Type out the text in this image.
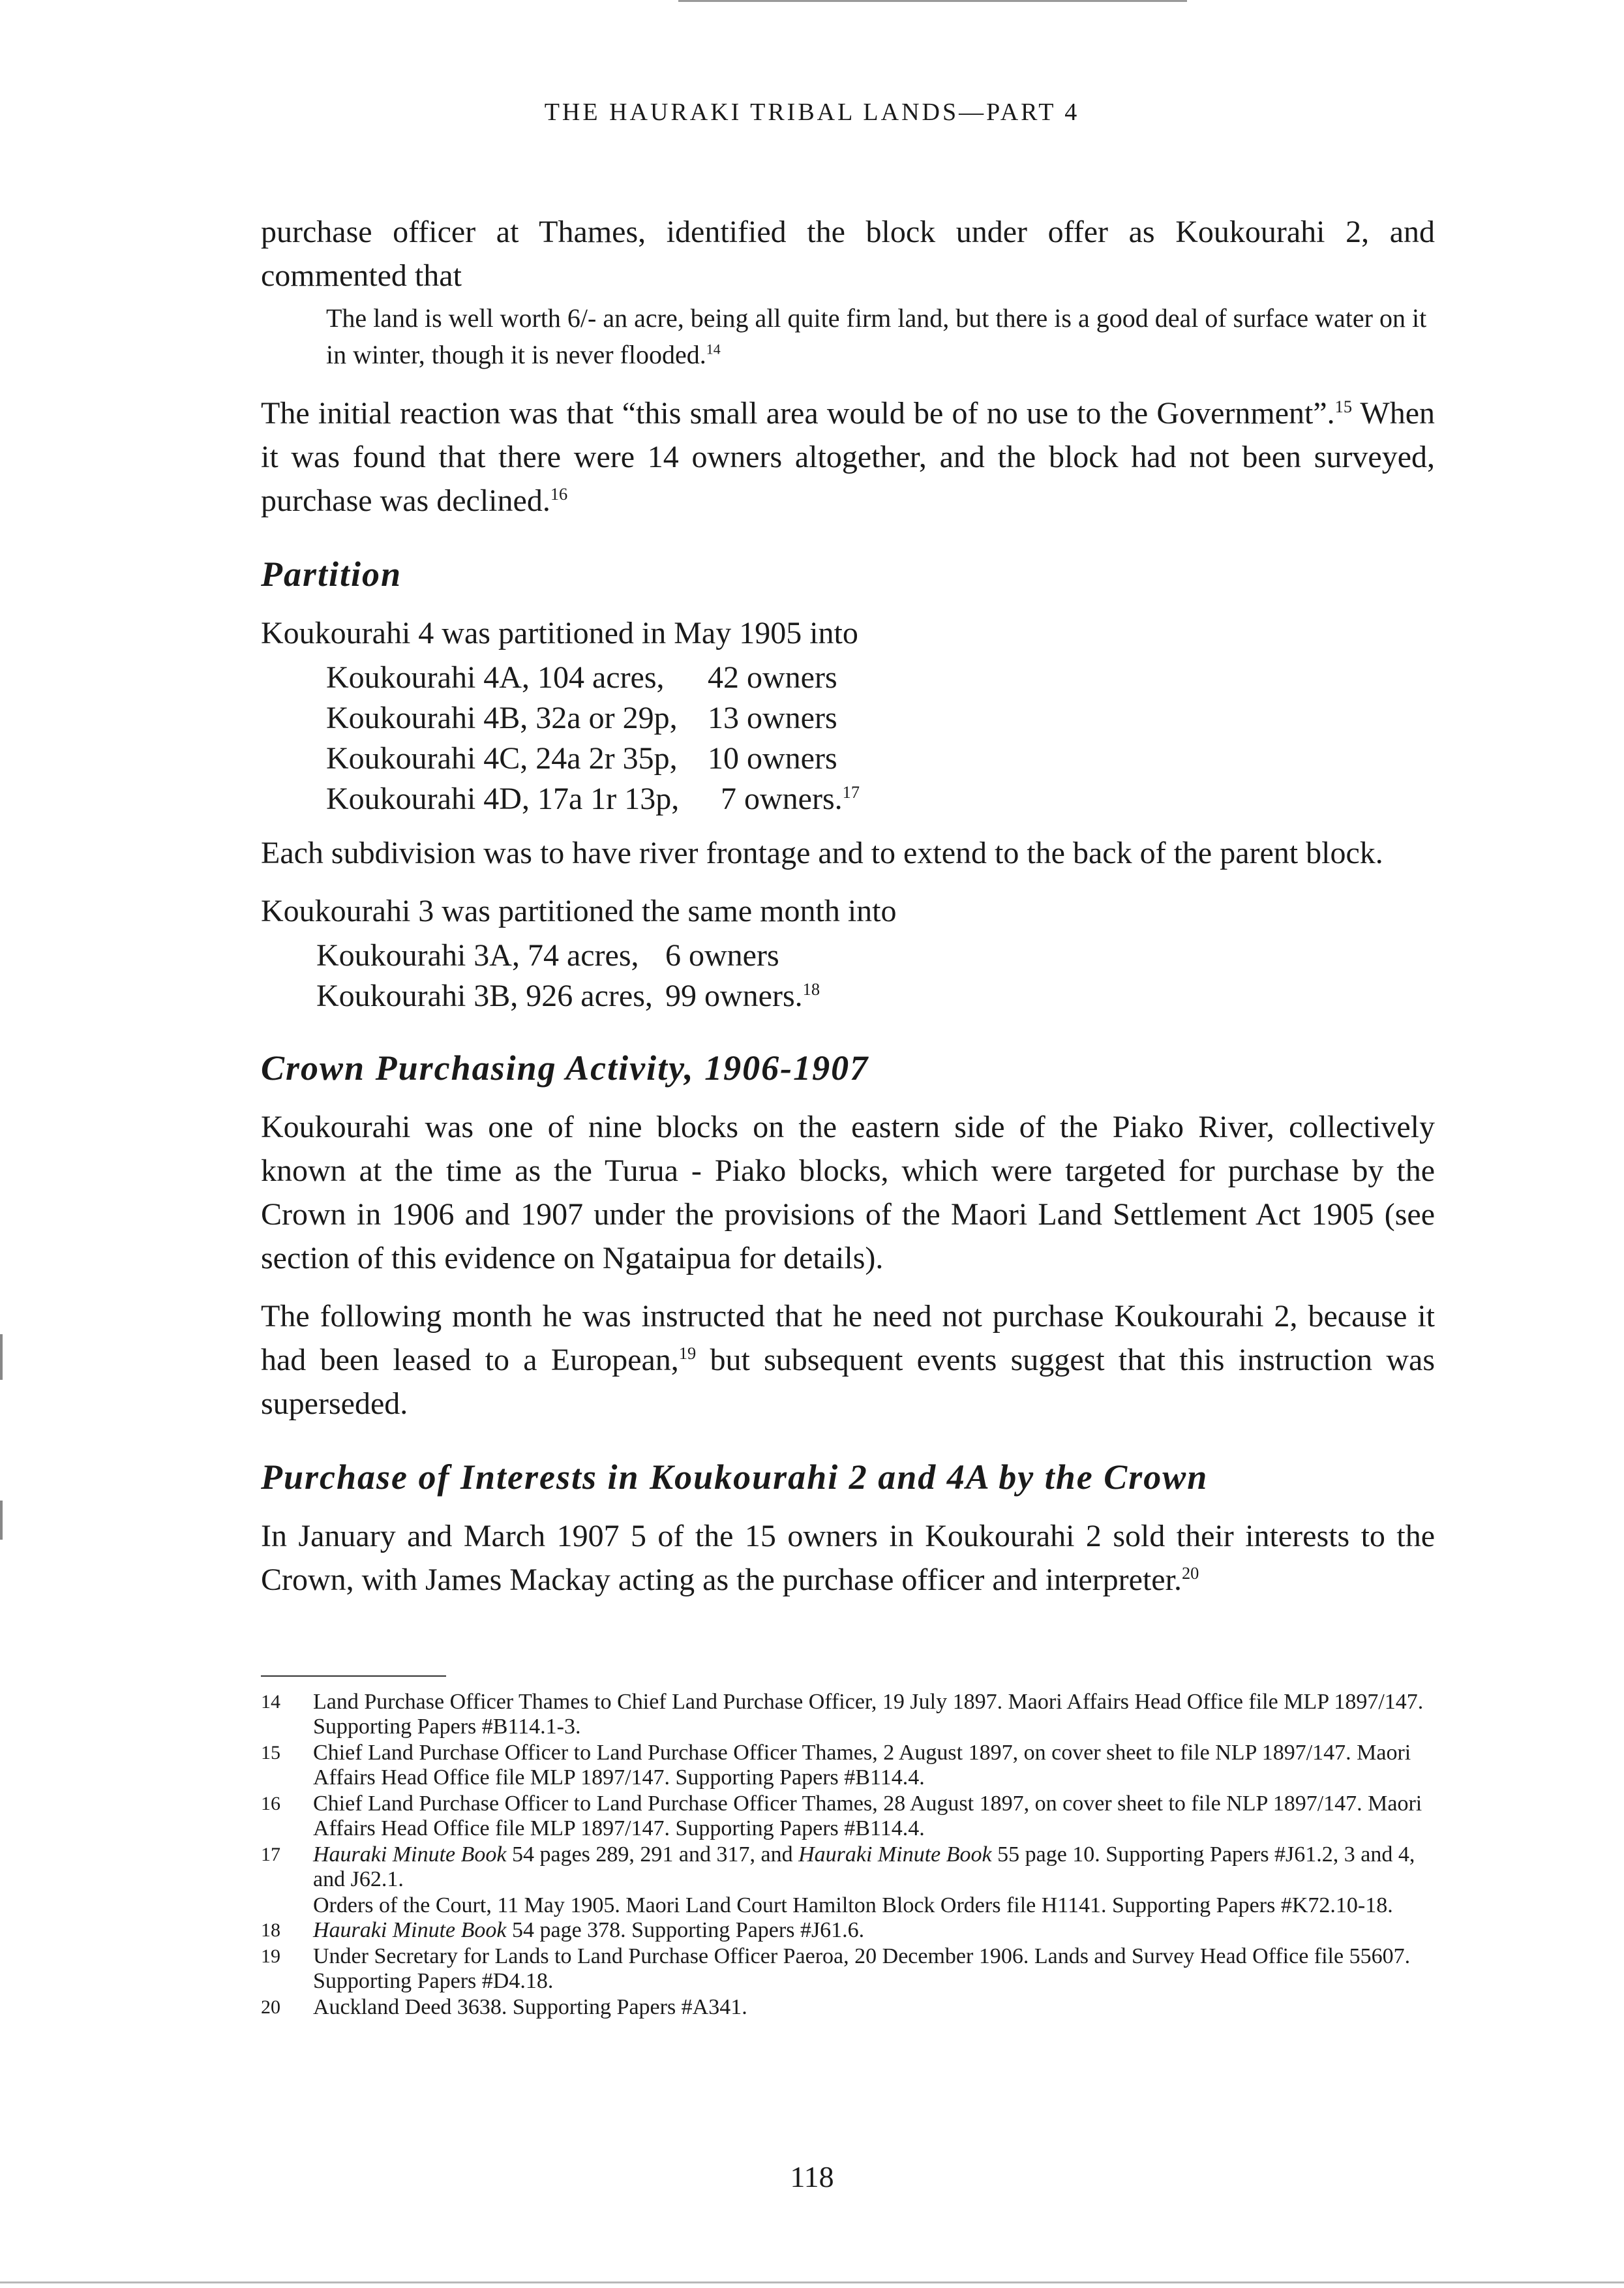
THE HAURAKI TRIBAL LANDS—PART 4

purchase officer at Thames, identified the block under offer as Koukourahi 2, and commented that

The land is well worth 6/- an acre, being all quite firm land, but there is a good deal of surface water on it in winter, though it is never flooded.$^{14}$

The initial reaction was that “this small area would be of no use to the Government”.$^{15}$ When it was found that there were 14 owners altogether, and the block had not been surveyed, purchase was declined.$^{16}$

Partition

Koukourahi 4 was partitioned in May 1905 into

Koukourahi 4A, 104 acres,	42 owners
Koukourahi 4B, 32a or 29p, 13 owners
Koukourahi 4C, 24a 2r 35p, 10 owners
Koukourahi 4D, 17a 1r 13p,	7 owners.$^{17}$

Each subdivision was to have river frontage and to extend to the back of the parent block.

Koukourahi 3 was partitioned the same month into

Koukourahi 3A, 74 acres, 6 owners
Koukourahi 3B, 926 acres, 99 owners.$^{18}$
Crown Purchasing Activity, 1906-1907

Koukourahi was one of nine blocks on the eastern side of the Piako River, collectively known at the time as the Turua - Piako blocks, which were targeted for purchase by the Crown in 1906 and 1907 under the provisions of the Maori Land Settlement Act 1905 (see section of this evidence on Ngataipua for details).

The following month he was instructed that he need not purchase Koukourahi 2, because it had been leased to a European,$^{19}$ but subsequent events suggest that this instruction was superseded.

Purchase of Interests in Koukourahi 2 and 4A by the Crown

In January and March 1907 5 of the 15 owners in Koukourahi 2 sold their interests to the Crown, with James Mackay acting as the purchase officer and interpreter.$^{20}$

14	Land Purchase Officer Thames to Chief Land Purchase Officer, 19 July 1897. Maori Affairs Head Office file MLP 1897/147. Supporting Papers #B114.1-3.
15	Chief Land Purchase Officer to Land Purchase Officer Thames, 2 August 1897, on cover sheet to file NLP 1897/147. Maori Affairs Head Office file MLP 1897/147. Supporting Papers #B114.4.
16	Chief Land Purchase Officer to Land Purchase Officer Thames, 28 August 1897, on cover sheet to file NLP 1897/147. Maori Affairs Head Office file MLP 1897/147. Supporting Papers #B114.4.
17	Hauraki Minute Book 54 pages 289, 291 and 317, and Hauraki Minute Book 55 page 10. Supporting Papers #J61.2, 3 and 4, and J62.1.
Orders of the Court, 11 May 1905. Maori Land Court Hamilton Block Orders file H1141. Supporting Papers #K72.10-18.
18	Hauraki Minute Book 54 page 378. Supporting Papers #J61.6.
19	Under Secretary for Lands to Land Purchase Officer Paeroa, 20 December 1906. Lands and Survey Head Office file 55607. Supporting Papers #D4.18.
20	Auckland Deed 3638. Supporting Papers #A341.
118
